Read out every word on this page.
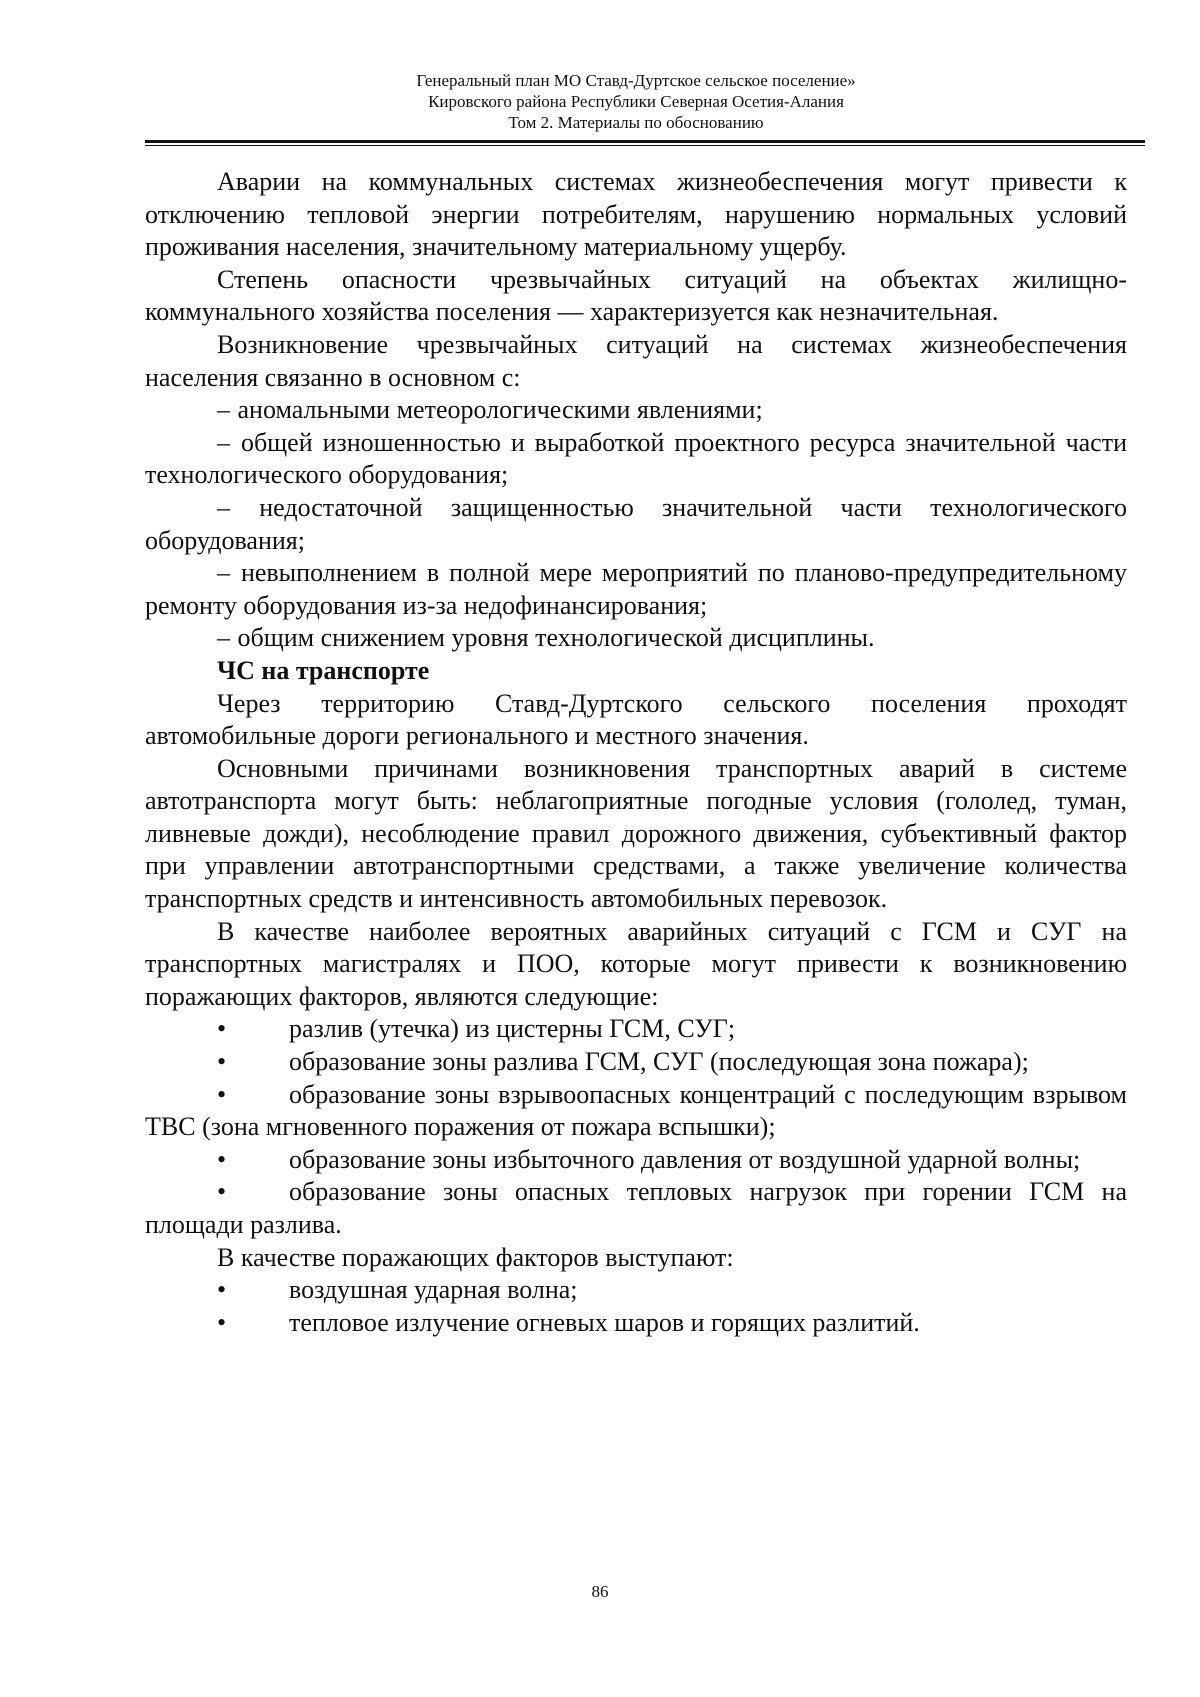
Генеральный план МО Ставд-Дуртское сельское поселение»
Кировского района Республики Северная Осетия-Алания
Том 2. Материалы по обоснованию

Аварии на коммунальных системах жизнеобеспечения могут привести к отключению тепловой энергии потребителям, нарушению нормальных условий проживания населения, значительному материальному ущербу.

Степень опасности чрезвычайных ситуаций на объектах жилищно-коммунального хозяйства поселения — характеризуется как незначительная.

Возникновение чрезвычайных ситуаций на системах жизнеобеспечения населения связанно в основном с:

– аномальными метеорологическими явлениями;

– общей изношенностью и выработкой проектного ресурса значительной части технологического оборудования;

– недостаточной защищенностью значительной части технологического оборудования;

– невыполнением в полной мере мероприятий по планово-предупредительному ремонту оборудования из-за недофинансирования;

– общим снижением уровня технологической дисциплины.

ЧС на транспорте

Через территорию Ставд-Дуртского сельского поселения проходят автомобильные дороги регионального и местного значения.

Основными причинами возникновения транспортных аварий в системе автотранспорта могут быть: неблагоприятные погодные условия (гололед, туман, ливневые дожди), несоблюдение правил дорожного движения, субъективный фактор при управлении автотранспортными средствами, а также увеличение количества транспортных средств и интенсивность автомобильных перевозок.

В качестве наиболее вероятных аварийных ситуаций с ГСМ и СУГ на транспортных магистралях и ПОО, которые могут привести к возникновению поражающих факторов, являются следующие:

• разлив (утечка) из цистерны ГСМ, СУГ;

• образование зоны разлива ГСМ, СУГ (последующая зона пожара);

• образование зоны взрывоопасных концентраций с последующим взрывом ТВС (зона мгновенного поражения от пожара вспышки);

• образование зоны избыточного давления от воздушной ударной волны;

• образование зоны опасных тепловых нагрузок при горении ГСМ на площади разлива.

В качестве поражающих факторов выступают:

• воздушная ударная волна;

• тепловое излучение огневых шаров и горящих разлитий.

86
